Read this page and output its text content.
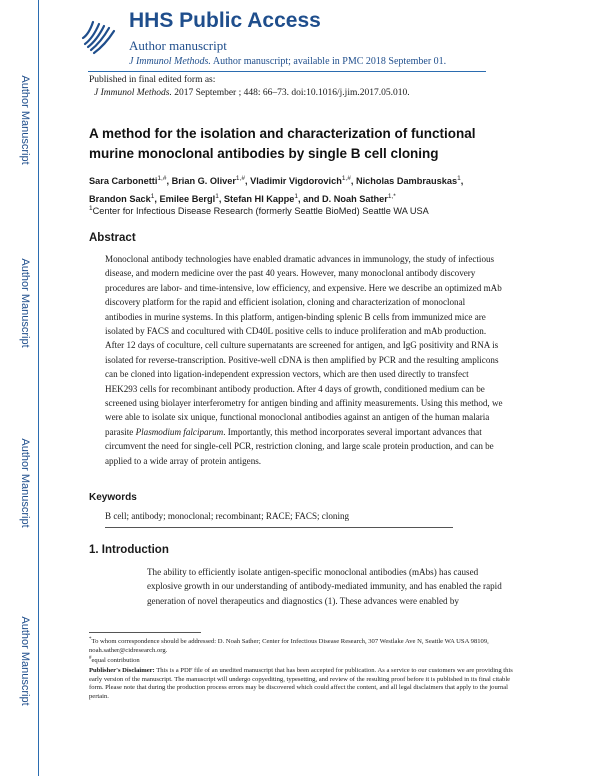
Author Manuscript
Author Manuscript
Author Manuscript
Author Manuscript
HHS Public Access
Author manuscript
J Immunol Methods. Author manuscript; available in PMC 2018 September 01.
Published in final edited form as:
J Immunol Methods. 2017 September ; 448: 66–73. doi:10.1016/j.jim.2017.05.010.
A method for the isolation and characterization of functional murine monoclonal antibodies by single B cell cloning
Sara Carbonetti$^{1,\#}$, Brian G. Oliver$^{1,\#}$, Vladimir Vigdorovich$^{1,\#}$, Nicholas Dambrauskas$^1$,
Brandon Sack$^1$, Emilee Bergl$^1$, Stefan HI Kappe$^1$, and D. Noah Sather$^{1,*}$
$^1$Center for Infectious Disease Research (formerly Seattle BioMed) Seattle WA USA
Abstract
Monoclonal antibody technologies have enabled dramatic advances in immunology, the study of infectious disease, and modern medicine over the past 40 years. However, many monoclonal antibody discovery procedures are labor- and time-intensive, low efficiency, and expensive. Here we describe an optimized mAb discovery platform for the rapid and efficient isolation, cloning and characterization of monoclonal antibodies in murine systems. In this platform, antigen-binding splenic B cells from immunized mice are isolated by FACS and cocultured with CD40L positive cells to induce proliferation and mAb production. After 12 days of coculture, cell culture supernatants are screened for antigen, and IgG positivity and RNA is isolated for reverse-transcription. Positive-well cDNA is then amplified by PCR and the resulting amplicons can be cloned into ligation-independent expression vectors, which are then used directly to transfect HEK293 cells for recombinant antibody production. After 4 days of growth, conditioned medium can be screened using biolayer interferometry for antigen binding and affinity measurements. Using this method, we were able to isolate six unique, functional monoclonal antibodies against an antigen of the human malaria parasite Plasmodium falciparum. Importantly, this method incorporates several important advances that circumvent the need for single-cell PCR, restriction cloning, and large scale protein production, and can be applied to a wide array of protein antigens.
Keywords
B cell; antibody; monoclonal; recombinant; RACE; FACS; cloning
1. Introduction
The ability to efficiently isolate antigen-specific monoclonal antibodies (mAbs) has caused explosive growth in our understanding of antibody-mediated immunity, and has enabled the rapid generation of novel therapeutics and diagnostics (1). These advances were enabled by
*To whom correspondence should be addressed: D. Noah Sather; Center for Infectious Disease Research, 307 Westlake Ave N, Seattle WA USA 98109, noah.sather@cidresearch.org.
#equal contribution
Publisher's Disclaimer: This is a PDF file of an unedited manuscript that has been accepted for publication. As a service to our customers we are providing this early version of the manuscript. The manuscript will undergo copyediting, typesetting, and review of the resulting proof before it is published in its final citable form. Please note that during the production process errors may be discovered which could affect the content, and all legal disclaimers that apply to the journal pertain.
